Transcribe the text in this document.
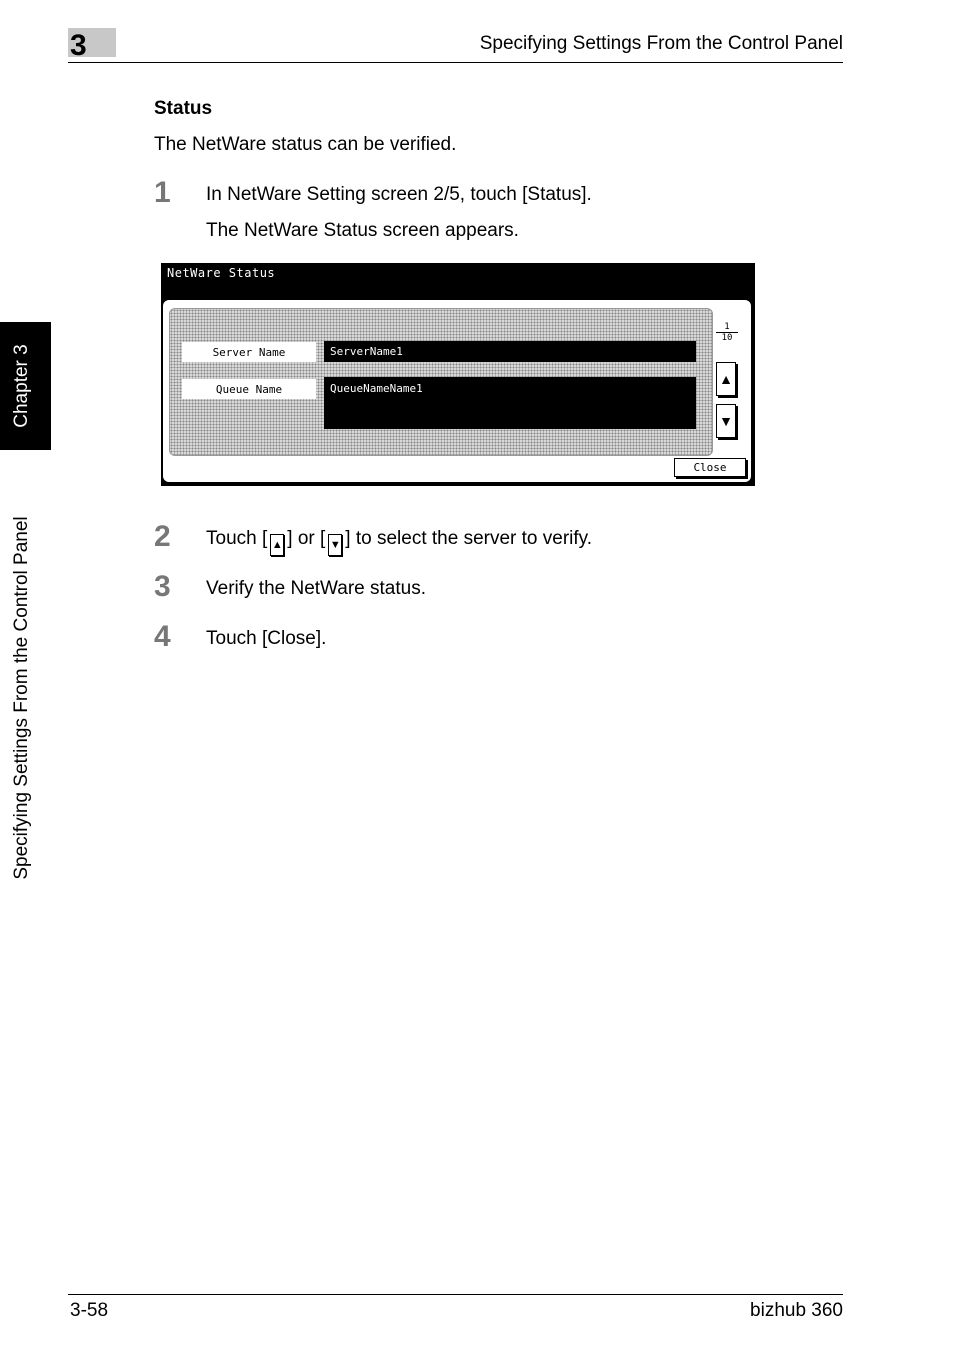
3	Specifying Settings From the Control Panel
Chapter 3
Specifying Settings From the Control Panel
Status
The NetWare status can be verified.
1 In NetWare Setting screen 2/5, touch [Status].
The NetWare Status screen appears.
NetWare Status
Server Name	ServerName1
Queue Name	QueueNameName1
1
10
▲
▼
Close
2 Touch [ ▲ ] or [ ▼ ] to select the server to verify.
3 Verify the NetWare status.
4 Touch [Close].
3-58	bizhub 360
